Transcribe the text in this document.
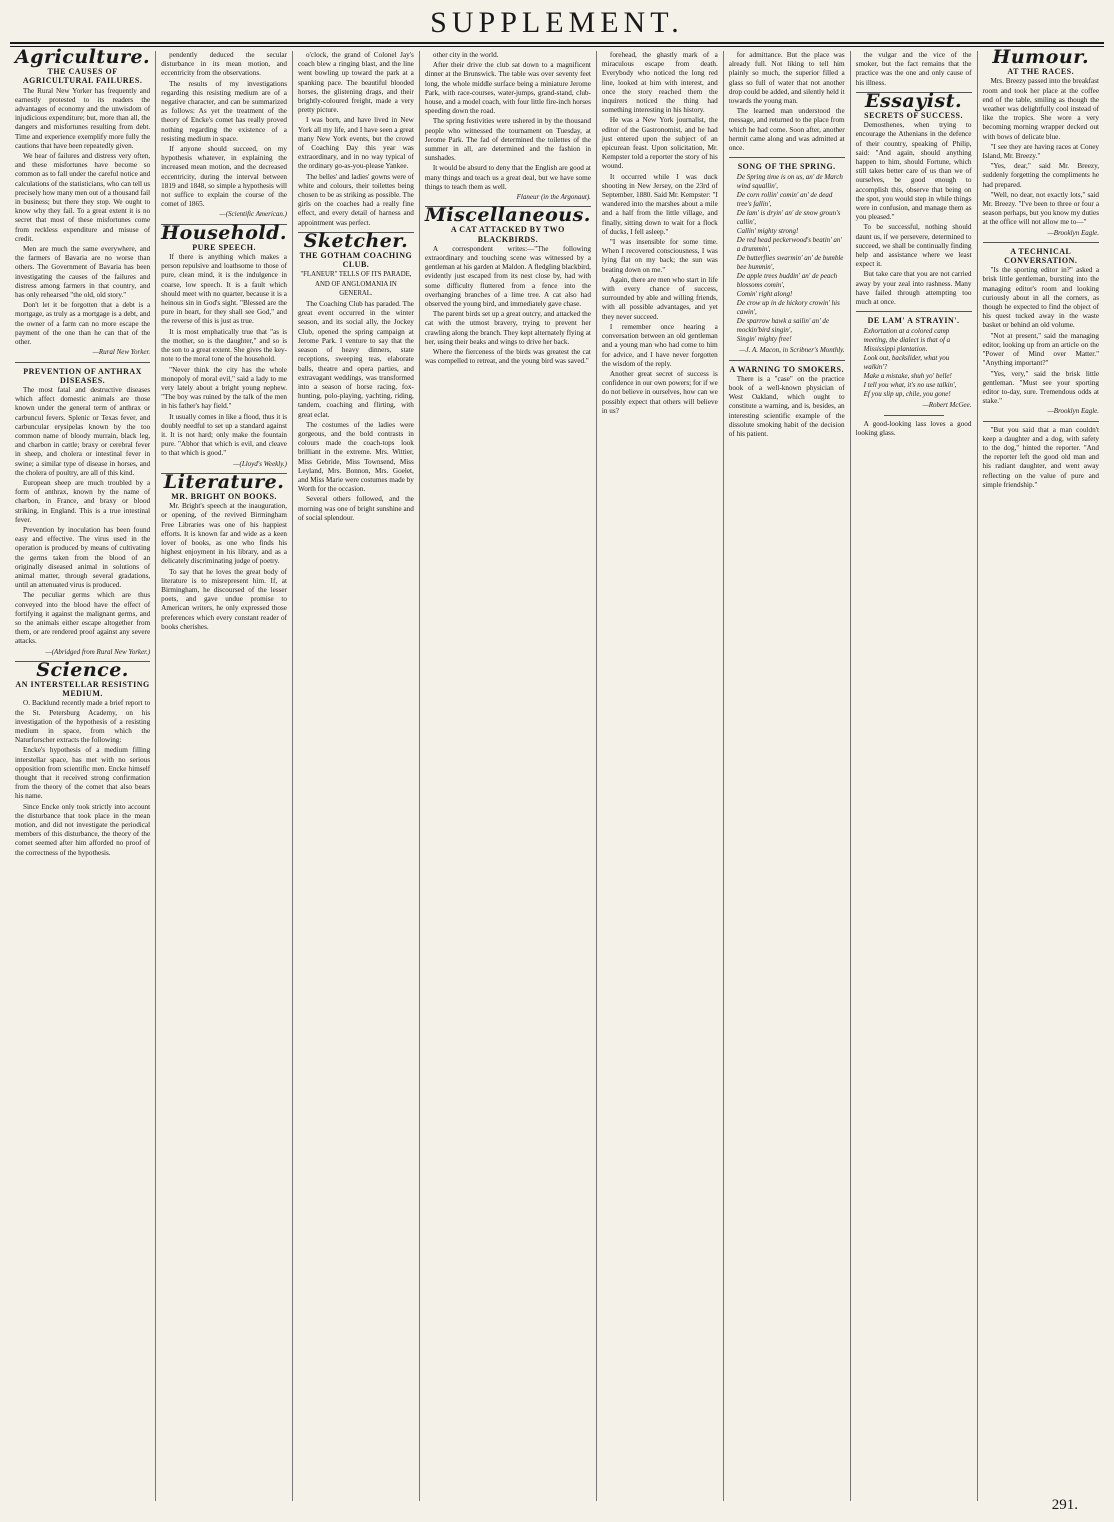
SUPPLEMENT.
Agriculture.
THE CAUSES OF AGRICULTURAL FAILURES.

The Rural New Yorker has frequently and earnestly protested to its readers the advantages of economy and the unwisdom of injudicious expenditure; but, more than all, the dangers and misfortunes resulting from debt. Time and experience exemplify more fully the cautions that have been repeatedly given.

We hear of failures and distress very often, and these misfortunes have become so common as to fall under the careful notice and calculations of the statisticians, who can tell us precisely how many men out of a thousand fail in business; but there they stop. We ought to know why they fail. To a great extent it is no secret that most of these misfortunes come from reckless expenditure and misuse of credit.

Men are much the same everywhere, and the farmers of Bavaria are no worse than others. The Government of Bavaria has been investigating the causes of the failures and distress among farmers in that country, and has only rehearsed "the old, old story."

Don't let it be forgotten that a debt is a mortgage, as truly as a mortgage is a debt, and the owner of a farm can no more escape the payment of the one than he can that of the other.

—Rural New Yorker.
PREVENTION OF ANTHRAX DISEASES.

The most fatal and destructive diseases which affect domestic animals are those known under the general term of anthrax or carbuncul fevers. Splenic or Texas fever, and carbuncular erysipelas known by the too common name of bloody murrain, black leg, and charbon in cattle; braxy or cerebral fever in sheep, and cholera or intestinal fever in swine; a similar type of disease in horses, and the cholera of poultry, are all of this kind.

European sheep are much troubled by a form of anthrax, known by the name of charbon, in France, and braxy or blood striking, in England. This is a true intestinal fever.

Prevention by inoculation has been found easy and effective. The virus used in the operation is produced by means of cultivating the germs taken from the blood of an originally diseased animal in solutions of animal matter, through several gradations, until an attenuated virus is produced.

The peculiar germs which are thus conveyed into the blood have the effect of fortifying it against the malignant germs, and so the animals either escape altogether from them, or are rendered proof against any severe attacks.

—(Abridged from Rural New Yorker.)
Science.
AN INTERSTELLAR RESISTING MEDIUM.

O. Backlund recently made a brief report to the St. Petersburg Academy, on his investigation of the hypothesis of a resisting medium in space, from which the Naturforscher extracts the following:

Encke's hypothesis of a medium filling interstellar space, has met with no serious opposition from scientific men. Encke himself thought that it received strong confirmation from the theory of the comet that also bears his name.

Since Encke only took strictly into account the disturbance that took place in the mean motion, and did not investigate the periodical members of this disturbance, the theory of the comet seemed after him afforded no proof of the correctness of the hypothesis.

pendently deduced the secular disturbance in its mean motion, and eccentricity from the observations.

The results of my investigations regarding this resisting medium are of a negative character, and can be summarized as follows: As yet the treatment of the theory of Encke's comet has really proved nothing regarding the existence of a resisting medium in space.

If anyone should succeed, on my hypothesis whatever, in explaining the increased mean motion, and the decreased eccentricity, during the interval between 1819 and 1848, so simple a hypothesis will not suffice to explain the course of the comet of 1865.

—(Scientific American.)
Household.
PURE SPEECH.

If there is anything which makes a person repulsive and loathsome to those of pure, clean mind, it is the indulgence in coarse, low speech. It is a fault which should meet with no quarter, because it is a heinous sin in God's sight. "Blessed are the pure in heart, for they shall see God," and the reverse of this is just as true.

It is most emphatically true that "as is the mother, so is the daughter," and so is the son to a great extent. She gives the key-note to the moral tone of the household.

"Never think the city has the whole monopoly of moral evil," said a lady to me very lately about a bright young nephew. "The boy was ruined by the talk of the men in his father's hay field."

It usually comes in like a flood, thus it is doubly needful to set up a standard against it. It is not hard; only make the fountain pure. "Abhor that which is evil, and cleave to that which is good."

—(Lloyd's Weekly.)
Literature.
MR. BRIGHT ON BOOKS.

Mr. Bright's speech at the inauguration, or opening, of the revived Birmingham Free Libraries was one of his happiest efforts. It is known far and wide as a keen lover of books, as one who finds his highest enjoyment in his library, and as a delicately discriminating judge of poetry.

To say that he loves the great body of literature is to misrepresent him. If, at Birmingham, he discoursed of the lesser poets, and gave undue promise to American writers, he only expressed those preferences which every constant reader of books cherishes.

o'clock, the grand of Colonel Jay's coach blew a ringing blast, and the line went bowling up toward the park at a spanking pace. The beautiful blooded horses, the glistening drags, and their brightly-coloured freight, made a very pretty picture.

I was born, and have lived in New York all my life, and I have seen a great many New York events, but the crowd of Coaching Day this year was extraordinary, and in no way typical of the ordinary go-as-you-please Yankee.

The belles' and ladies' gowns were of white and colours, their toilettes being chosen to be as striking as possible. The girls on the coaches had a really fine effect, and every detail of harness and appointment was perfect.

Sketcher.
THE GOTHAM COACHING CLUB.
"FLANEUR" TELLS OF ITS PARADE, AND OF ANGLOMANIA IN GENERAL.

The Coaching Club has paraded. The great event occurred in the winter season, and its social ally, the Jockey Club, opened the spring campaign at Jerome Park. I venture to say that the season of heavy dinners, state receptions, sweeping teas, elaborate balls, theatre and opera parties, and extravagant weddings, was transformed into a season of horse racing, fox-hunting, polo-playing, yachting, riding, tandem, coaching and flirting, with great eclat.

The costumes of the ladies were gorgeous, and the bold contrasts in colours made the coach-tops look brilliant in the extreme. Mrs. Wittier, Miss Gebride, Miss Townsend, Miss Leyland, Mrs. Bonnon, Mrs. Goelet, and Miss Marie were costumes made by Worth for the occasion.

Several others followed, and the morning was one of bright sunshine and of social splendour.

other city in the world.

After their drive the club sat down to a magnificent dinner at the Brunswick. The table was over seventy feet long, the whole middle surface being a miniature Jerome Park, with race-courses, water-jumps, grand-stand, club-house, and a model coach, with four little fire-inch horses speeding down the road.

The spring festivities were ushered in by the thousand people who witnessed the tournament on Tuesday, at Jerome Park. The fad of determined the toilettes of the summer in all, are determined and the fashion in sunshades.

It would be absurd to deny that the English are good at many things and teach us a great deal, but we have some things to teach them as well.

Flaneur (in the Argonaut).
Miscellaneous.
A CAT ATTACKED BY TWO BLACKBIRDS.

A correspondent writes:—"The following extraordinary and touching scene was witnessed by a gentleman at his garden at Maldon. A fledgling blackbird, evidently just escaped from its nest close by, had with some difficulty fluttered from a fence into the overhanging branches of a lime tree. A cat also had observed the young bird, and immediately gave chase.

The parent birds set up a great outcry, and attacked the cat with the utmost bravery, trying to prevent her crawling along the branch. They kept alternately flying at her, using their beaks and wings to drive her back.

Where the fierceness of the birds was greatest the cat was compelled to retreat, and the young bird was saved."

forehead, the ghastly mark of a miraculous escape from death. Everybody who noticed the long red line, looked at him with interest, and once the story reached them the inquirers noticed the thing had something interesting in his history.

He was a New York journalist, the editor of the Gastronomist, and he had just entered upon the subject of an epicurean feast. Upon solicitation, Mr. Kempster told a reporter the story of his wound.

It occurred while I was duck shooting in New Jersey, on the 23rd of September, 1880. Said Mr. Kempster: "I wandered into the marshes about a mile and a half from the little village, and finally, sitting down to wait for a flock of ducks, I fell asleep."

"I was insensible for some time. When I recovered consciousness, I was lying flat on my back; the sun was beating down on me."

Again, there are men who start in life with every chance of success, surrounded by able and willing friends, with all possible advantages, and yet they never succeed.

I remember once hearing a conversation between an old gentleman and a young man who had come to him for advice, and I have never forgotten the wisdom of the reply.

Another great secret of success is confidence in our own powers; for if we do not believe in ourselves, how can we possibly expect that others will believe in us?

for admittance. But the place was already full. Not liking to tell him plainly so much, the superior filled a glass so full of water that not another drop could be added, and silently held it towards the young man.

The learned man understood the message, and returned to the place from which he had come. Soon after, another hermit came along and was admitted at once.

SONG OF THE SPRING.
De Spring time is on us, an' de March wind squallin',
De corn rollin' comin' an' de dead tree's fallin',
De lam' is dryin' an' de snow groun's callin',
Callin' mighty strong!
De red head peckerwood's beatin' an' a drummin',
De butterflies swarmin' an' de bumble bee hummin',
De apple trees buddin' an' de peach blossoms comin',
Comin' right along!
De crow up in de hickory crowin' his cawin',
De sparrow hawk a sailin' an' de mockin'bird singin',
Singin' mighty free!
—J. A. Macon, in Scribner's Monthly.
A WARNING TO SMOKERS.

There is a "case" on the practice book of a well-known physician of West Oakland, which ought to constitute a warning, and is, besides, an interesting scientific example of the dissolute smoking habit of the decision of his patient.

the vulgar and the vice of the smoker, but the fact remains that the practice was the one and only cause of his illness.

Essayist.
SECRETS OF SUCCESS.

Demosthenes, when trying to encourage the Athenians in the defence of their country, speaking of Philip, said: "And again, should anything happen to him, should Fortune, which still takes better care of us than we of ourselves, be good enough to accomplish this, observe that being on the spot, you would step in while things were in confusion, and manage them as you pleased."

To be successful, nothing should daunt us, if we persevere, determined to succeed, we shall be continually finding help and assistance where we least expect it.

But take care that you are not carried away by your zeal into rashness. Many have failed through attempting too much at once.

DE LAM' A STRAYIN'.
Exhortation at a colored camp meeting, the dialect is that of a Mississippi plantation.
Look out, backslider, what you walkin'?
Make a mistake, shuh yo' belle!
I tell you what, it's no use talkin',
Ef you slip up, chile, you gone!
—Robert McGee.

A good-looking lass loves a good looking glass.

Humour.
AT THE RACES.

Mrs. Breezy passed into the breakfast room and took her place at the coffee end of the table, smiling as though the weather was delightfully cool instead of like the tropics. She wore a very becoming morning wrapper decked out with bows of delicate blue.

"I see they are having races at Coney Island, Mr. Breezy."

"Yes, dear," said Mr. Breezy, suddenly forgetting the compliments he had prepared.

"Well, no dear, not exactly lots," said Mr. Breezy. "I've been to three or four a season perhaps, but you know my duties at the office will not allow me to—"

—Brooklyn Eagle.
A TECHNICAL CONVERSATION.

"Is the sporting editor in?" asked a brisk little gentleman, bursting into the managing editor's room and looking curiously about in all the corners, as though he expected to find the object of his quest tucked away in the waste basket or behind an old volume.

"Not at present," said the managing editor, looking up from an article on the "Power of Mind over Matter." "Anything important?"

"Yes, very," said the brisk little gentleman. "Must see your sporting editor to-day, sure. Tremendous odds at stake."

—Brooklyn Eagle.

"But you said that a man couldn't keep a daughter and a dog, with safety to the dog," hinted the reporter. "And the reporter left the good old man and his radiant daughter, and went away reflecting on the value of pure and simple friendship."

291.
